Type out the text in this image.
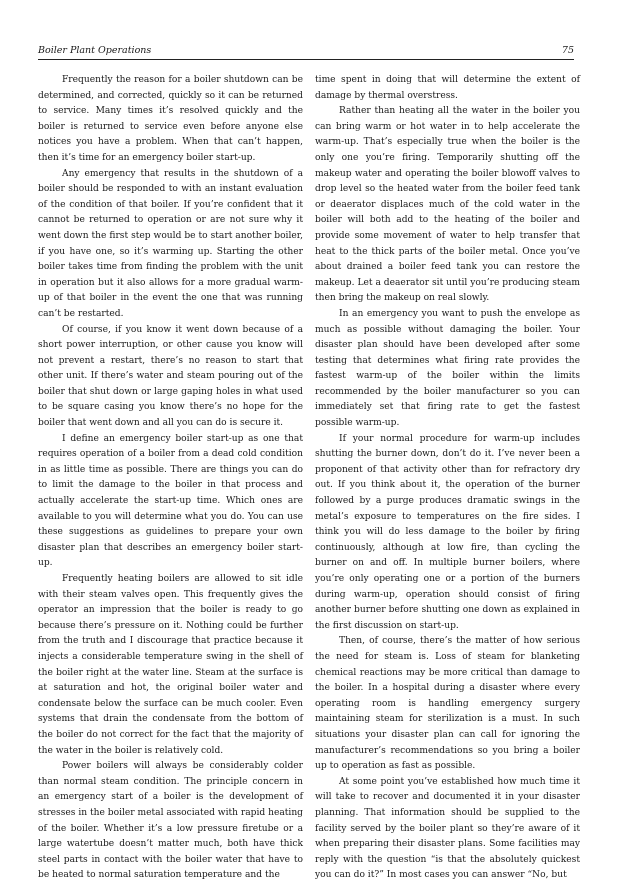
Boiler Plant Operations	75

Frequently the reason for a boiler shutdown can be determined, and corrected, quickly so it can be returned to service. Many times it’s resolved quickly and the boiler is returned to service even before anyone else notices you have a problem. When that can’t happen, then it’s time for an emergency boiler start-up.

Any emergency that results in the shutdown of a boiler should be responded to with an instant evaluation of the condition of that boiler. If you’re confident that it cannot be returned to operation or are not sure why it went down the first step would be to start another boiler, if you have one, so it’s warming up. Starting the other boiler takes time from finding the problem with the unit in operation but it also allows for a more gradual warm-up of that boiler in the event the one that was running can’t be restarted.

Of course, if you know it went down because of a short power interruption, or other cause you know will not prevent a restart, there’s no reason to start that other unit. If there’s water and steam pouring out of the boiler that shut down or large gaping holes in what used to be square casing you know there’s no hope for the boiler that went down and all you can do is secure it.

I define an emergency boiler start-up as one that requires operation of a boiler from a dead cold condition in as little time as possible. There are things you can do to limit the damage to the boiler in that process and actually accelerate the start-up time. Which ones are available to you will determine what you do. You can use these suggestions as guidelines to prepare your own disaster plan that describes an emergency boiler start-up.

Frequently heating boilers are allowed to sit idle with their steam valves open. This frequently gives the operator an impression that the boiler is ready to go because there’s pressure on it. Nothing could be further from the truth and I discourage that practice because it injects a considerable temperature swing in the shell of the boiler right at the water line. Steam at the surface is at saturation and hot, the original boiler water and condensate below the surface can be much cooler. Even systems that drain the condensate from the bottom of the boiler do not correct for the fact that the majority of the water in the boiler is relatively cold.

Power boilers will always be considerably colder than normal steam condition. The principle concern in an emergency start of a boiler is the development of stresses in the boiler metal associated with rapid heating of the boiler. Whether it’s a low pressure firetube or a large watertube doesn’t matter much, both have thick steel parts in contact with the boiler water that have to be heated to normal saturation temperature and the

time spent in doing that will determine the extent of damage by thermal overstress.

Rather than heating all the water in the boiler you can bring warm or hot water in to help accelerate the warm-up. That’s especially true when the boiler is the only one you’re firing. Temporarily shutting off the makeup water and operating the boiler blowoff valves to drop level so the heated water from the boiler feed tank or deaerator displaces much of the cold water in the boiler will both add to the heating of the boiler and provide some movement of water to help transfer that heat to the thick parts of the boiler metal. Once you’ve about drained a boiler feed tank you can restore the makeup. Let a deaerator sit until you’re producing steam then bring the makeup on real slowly.

In an emergency you want to push the envelope as much as possible without damaging the boiler. Your disaster plan should have been developed after some testing that determines what firing rate provides the fastest warm-up of the boiler within the limits recommended by the boiler manufacturer so you can immediately set that firing rate to get the fastest possible warm-up.

If your normal procedure for warm-up includes shutting the burner down, don’t do it. I’ve never been a proponent of that activity other than for refractory dry out. If you think about it, the operation of the burner followed by a purge produces dramatic swings in the metal’s exposure to temperatures on the fire sides. I think you will do less damage to the boiler by firing continuously, although at low fire, than cycling the burner on and off. In multiple burner boilers, where you’re only operating one or a portion of the burners during warm-up, operation should consist of firing another burner before shutting one down as explained in the first discussion on start-up.

Then, of course, there’s the matter of how serious the need for steam is. Loss of steam for blanketing chemical reactions may be more critical than damage to the boiler. In a hospital during a disaster where every operating room is handling emergency surgery maintaining steam for sterilization is a must. In such situations your disaster plan can call for ignoring the manufacturer’s recommendations so you bring a boiler up to operation as fast as possible.

At some point you’ve established how much time it will take to recover and documented it in your disaster planning. That information should be supplied to the facility served by the boiler plant so they’re aware of it when preparing their disaster plans. Some facilities may reply with the question “is that the absolutely quickest you can do it?” In most cases you can answer “No, but
